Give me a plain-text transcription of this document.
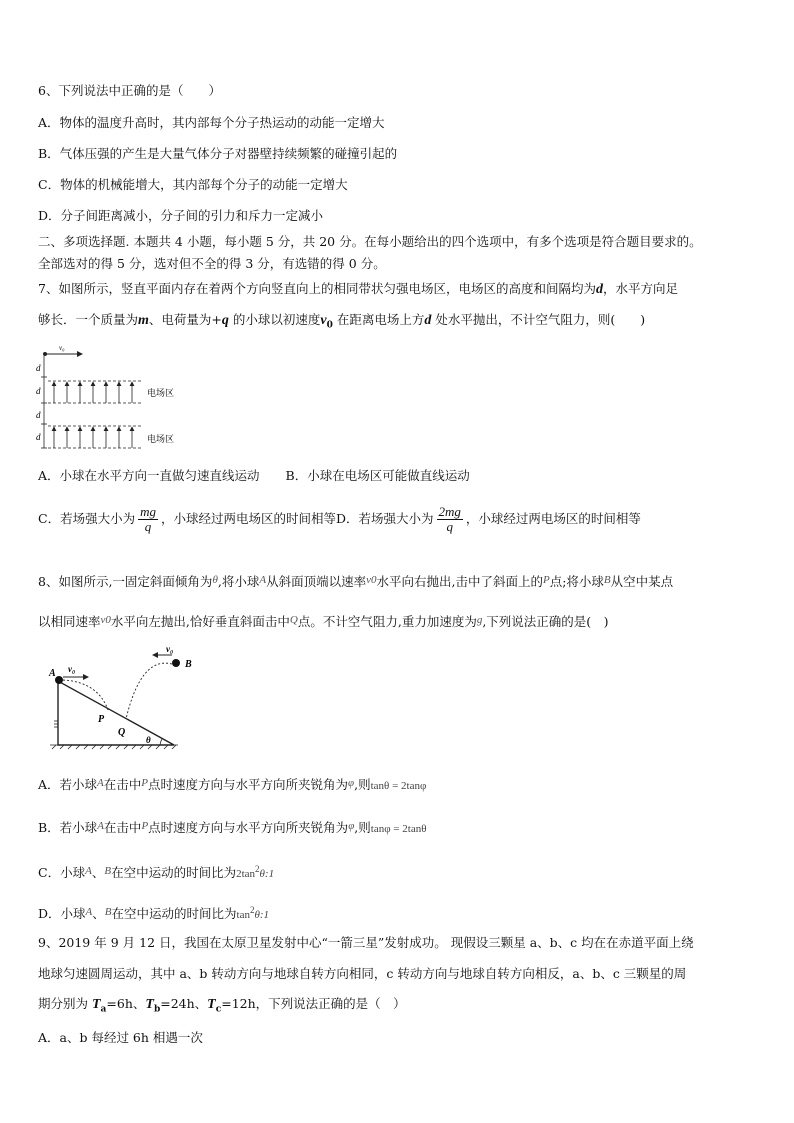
6、下列说法中正确的是（　　）
A．物体的温度升高时，其内部每个分子热运动的动能一定增大
B．气体压强的产生是大量气体分子对器壁持续频繁的碰撞引起的
C．物体的机械能增大，其内部每个分子的动能一定增大
D．分子间距离减小，分子间的引力和斥力一定减小
二、多项选择题. 本题共 4 小题，每小题 5 分，共 20 分。在每小题给出的四个选项中，有多个选项是符合题目要求的。
全部选对的得 5 分，选对但不全的得 3 分，有选错的得 0 分。
7、如图所示，竖直平面内存在着两个方向竖直向上的相同带状匀强电场区，电场区的高度和间隔均为d，水平方向足
够长．一个质量为m、电荷量为+q 的小球以初速度$v_0$ 在距离电场上方d 处水平抛出，不计空气阻力，则(　　)
v₀
d
d
d
d
电场区
电场区
A．小球在水平方向一直做匀速直线运动 B．小球在电场区可能做直线运动
C．若场强大小为 $\frac{mg}{q}$ ，小球经过两电场区的时间相等D．若场强大小为 $\frac{2mg}{q}$ ，小球经过两电场区的时间相等
8、如图所示,一固定斜面倾角为θ,将小球A从斜面顶端以速率v0水平向右抛出,击中了斜面上的P点;将小球B从空中某点
以相同速率v0水平向左抛出,恰好垂直斜面击中Q点。不计空气阻力,重力加速度为g,下列说法正确的是(　)
v₀
A
P
v₀
B
Q
θ
A．若小球A在击中P点时速度方向与水平方向所夹锐角为φ,则tanθ = 2tanφ
B．若小球A在击中P点时速度方向与水平方向所夹锐角为φ,则tanφ = 2tanθ
C．小球A、B在空中运动的时间比为$2\tan^2\theta:1$
D．小球A、B在空中运动的时间比为$\tan^2\theta:1$
9、2019 年 9 月 12 日，我国在太原卫星发射中心“一箭三星”发射成功。 现假设三颗星 a、b、c 均在在赤道平面上绕
地球匀速圆周运动，其中 a、b 转动方向与地球自转方向相同，c 转动方向与地球自转方向相反，a、b、c 三颗星的周
期分别为 $T_a=6h$、$T_b=24h$、$T_c=12h$，下列说法正确的是（　）
A．a、b 每经过 6h 相遇一次
